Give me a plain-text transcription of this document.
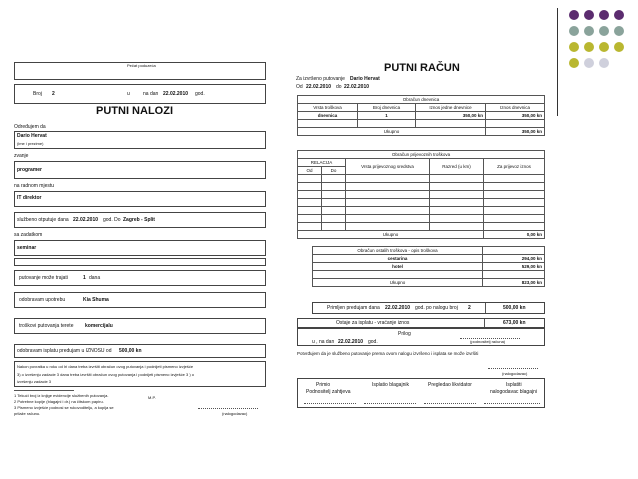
Pečat poduzeća
Broj 2	u	na dan 22.02.2010 god.
PUTNI NALOZI
Određujem da
Dario Hervat
(ime i prezime)
zvanje
programer
na radnom mjestu
IT direktor
službeno otputuje dana 22.02.2010 god. Do Zagreb - Split
sa zadatkom
seminar
putovanje može trajati	1 dana
odobravam upotrebu	Kia Shuma
troškovi putovanja terete komercijalu
odobravam isplatu predujam u IZNOSU od 500,00 kn
Nakon povratka u roku od Iri dana treba izvršiti obračun ovog putovanja i podnijeti pismeno izvješće
3) o izvršenju zadacie 3 dana treba izvršiti obračun ovog putovanja i podnijeti pismeno izvješće 3 ) o
izvršenju zadacie 3
1 Tekući broj iz knjige evidencije službenih putovanja.
2 Potrebne kopije (blagajni i dr.) na čitskom papiru.
3 Pismeno izvješće podnosi se rukovoditelju, a kopija se
prilaže računu.
M.P.
(nalogodavac)
PUTNI RAČUN
Za izvršeno putovanje Dario Hervat
Od 22.02.2010 do 22.02.2010
Obračun dnevnica			
Vrsta troškova	Broj dnevnica	Iznos jedne dnevnice	Iznos dnevnica
dnevnica	1	350,00 kn	350,00 kn

Ukupno			350,00 kn
Obračun prijevoznih troškova				
RELACIJA		Vrsta prijevoznog sredstva	Razred (u km)	Za prijevoz iznos
Od	Do			

Ukupno				0,00 kn
Obračun ostalih troškova - opis troškova	
cestarina	294,00 kn
hotel	529,00 kn

Ukupno	823,00 kn
Primljen predujam dana 22.02.2010 god. po nalogu broj 2	500,00 kn
Ostaje za isplatu - vraćanje iznos	673,00 kn
Prilog
u , na dan 22.02.2010 god.	(podnositelj računa)
Potvrđujem da je službeno putovanje prema ovom nalogu izvršeno i isplata se može izvršiti
(nalogodavac)
Primio
Podnositelj zahtjeva
Isplatio blagajnik	Pregledao likvidator	Isplatiti
nalogodavac blagajni
